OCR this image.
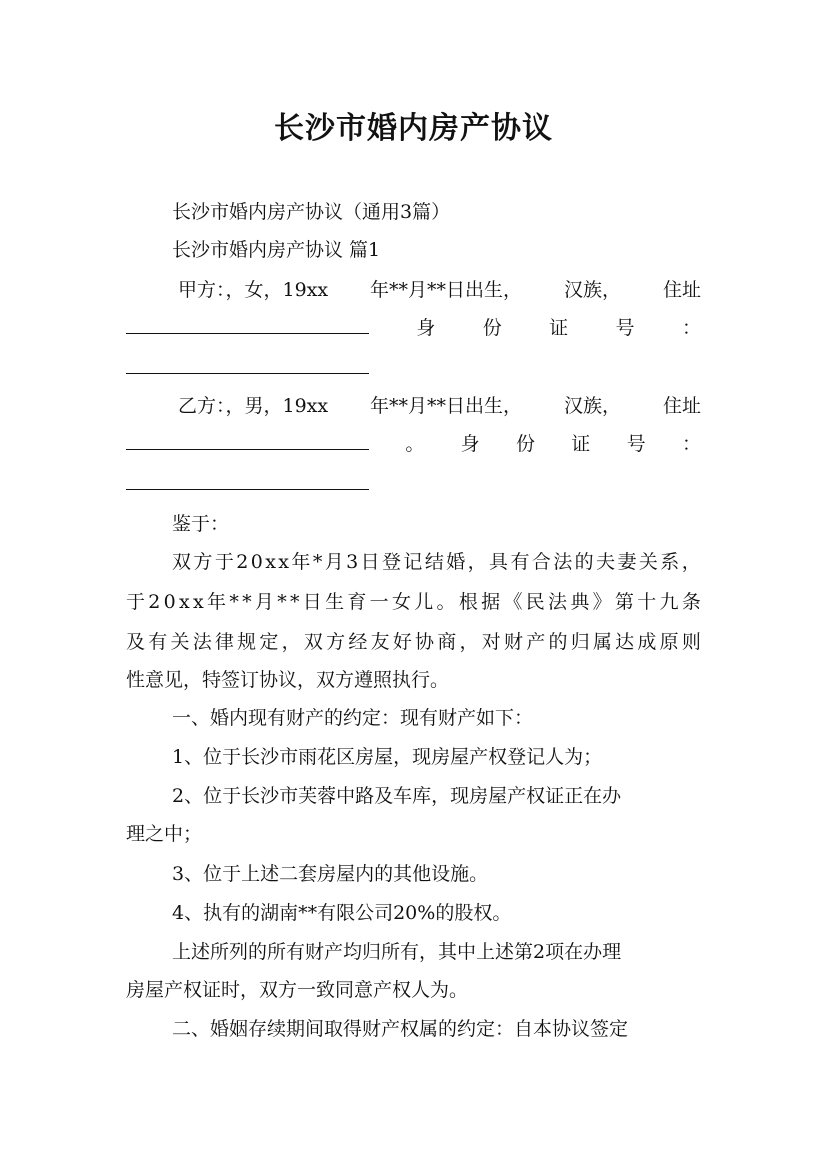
长沙市婚内房产协议
长沙市婚内房产协议（通用3篇）
长沙市婚内房产协议 篇1
甲方：，女，19xx 年**月**日出生， 汉族， 住址
身 份 证 号 ：
乙方：，男，19xx 年**月**日出生， 汉族， 住址
。 身 份 证 号 ：
鉴于：
双 方 于 2 0 x x 年 * 月 3 日 登 记 结 婚 ， 具 有 合 法 的 夫 妻 关 系 ，
于 2 0 x x 年 * * 月 * * 日 生 育 一 女 儿 。 根 据 《 民 法 典 》 第 十 九 条
及 有 关 法 律 规 定 ， 双 方 经 友 好 协 商 ， 对 财 产 的 归 属 达 成 原 则
性意见，特签订协议，双方遵照执行。
一、婚内现有财产的约定：现有财产如下：
1、位于长沙市雨花区房屋，现房屋产权登记人为；
2、位于长沙市芙蓉中路及车库，现房屋产权证正在办
理之中；
3、位于上述二套房屋内的其他设施。
4、执有的湖南**有限公司20%的股权。
上述所列的所有财产均归所有，其中上述第2项在办理
房屋产权证时，双方一致同意产权人为。
二、婚姻存续期间取得财产权属的约定：自本协议签定
